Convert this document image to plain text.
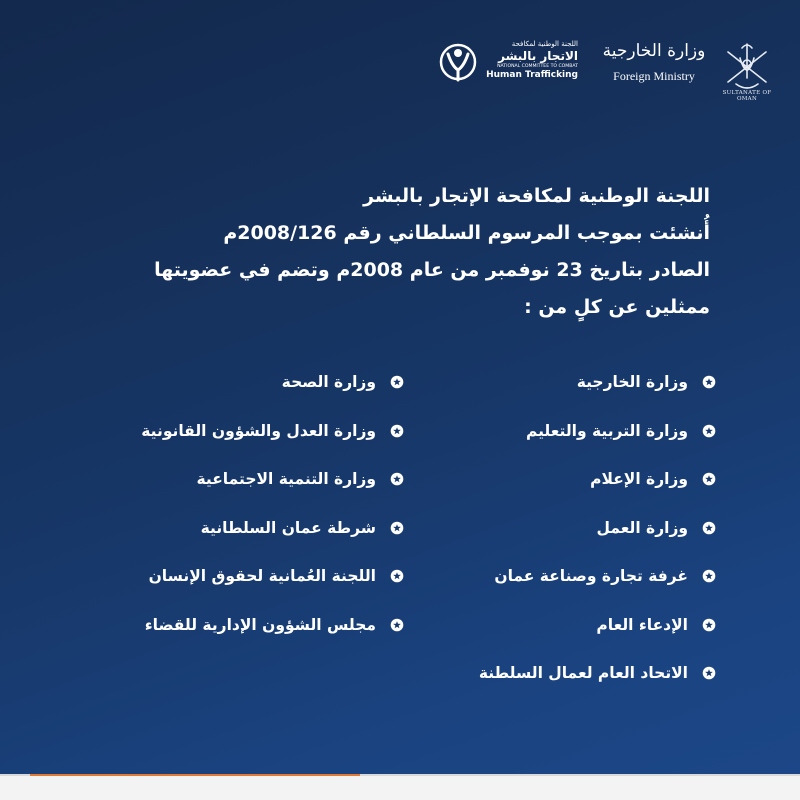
SULTANATE OF OMAN
وزارة الخارجية
Foreign Ministry
اللجنة الوطنية لمكافحة
الاتجار بالبشر
NATIONAL COMMITTEE TO COMBAT
Human Trafficking

اللجنة الوطنية لمكافحة الإتجار بالبشر

أُنشئت بموجب المرسوم السلطاني رقم 2008/126م

الصادر بتاريخ 23 نوفمبر من عام 2008م وتضم في عضويتها

ممثلين عن كلٍ من :

وزارة الخارجية
وزارة التربية والتعليم
وزارة الإعلام
وزارة العمل
غرفة تجارة وصناعة عمان
الإدعاء العام
الاتحاد العام لعمال السلطنة
وزارة الصحة
وزارة العدل والشؤون القانونية
وزارة التنمية الاجتماعية
شرطة عمان السلطانية
اللجنة العُمانية لحقوق الإنسان
مجلس الشؤون الإدارية للقضاء
